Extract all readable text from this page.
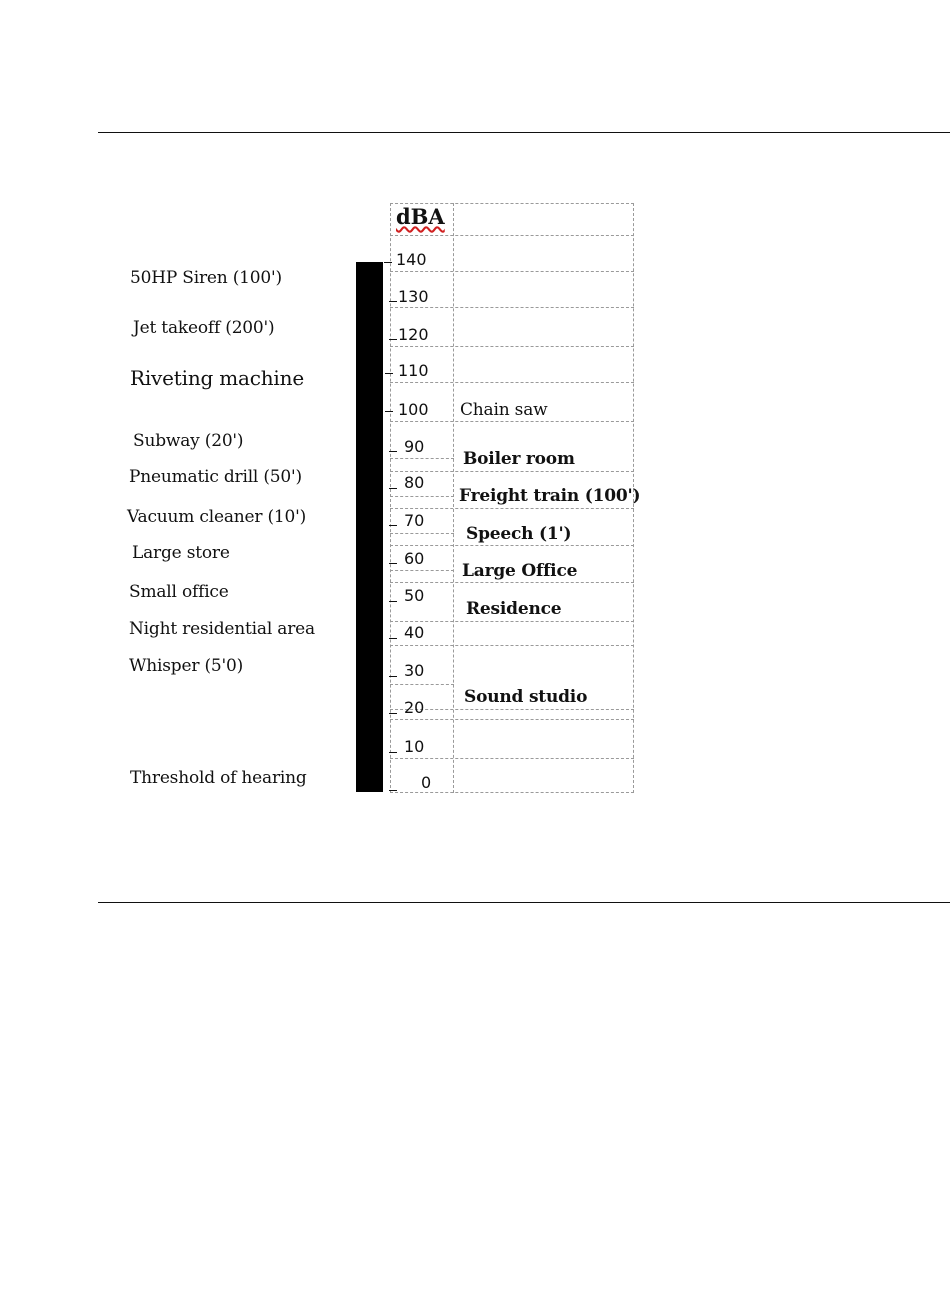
50HP Siren (100')
Jet takeoff (200')
Riveting machine
Subway (20')
Pneumatic drill (50')
Vacuum cleaner (10')
Large store
Small office
Night residential area
Whisper (5'0)
Threshold of hearing
dBA
140
130
120
110
100
90
80
70
60
50
40
30
20
10
0
Chain saw
Boiler room
Freight train (100')
Speech (1')
Large Office
Residence
Sound studio
